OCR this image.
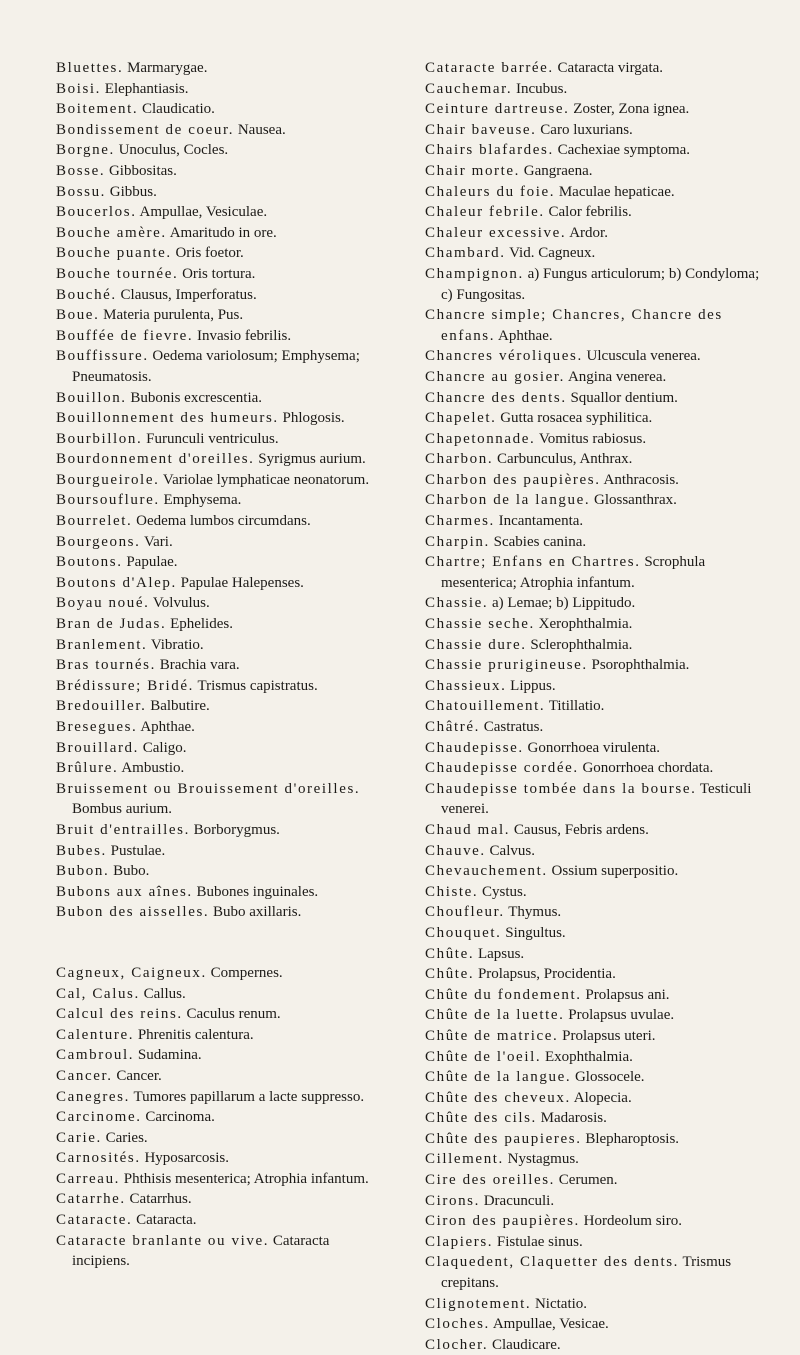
Bluettes. Marmarygae.

Boisi. Elephantiasis.

Boitement. Claudicatio.

Bondissement de coeur. Nausea.

Borgne. Unoculus, Cocles.

Bosse. Gibbositas.

Bossu. Gibbus.

Boucerlos. Ampullae, Vesiculae.

Bouche amère. Amaritudo in ore.

Bouche puante. Oris foetor.

Bouche tournée. Oris tortura.

Bouché. Clausus, Imperforatus.

Boue. Materia purulenta, Pus.

Bouffée de fievre. Invasio febrilis.

Bouffissure. Oedema variolosum; Emphysema; Pneumatosis.

Bouillon. Bubonis excrescentia.

Bouillonnement des humeurs. Phlogosis.

Bourbillon. Furunculi ventriculus.

Bourdonnement d'oreilles. Syrigmus aurium.

Bourgueirole. Variolae lymphaticae neonatorum.

Boursouflure. Emphysema.

Bourrelet. Oedema lumbos circumdans.

Bourgeons. Vari.

Boutons. Papulae.

Boutons d'Alep. Papulae Halepenses.

Boyau noué. Volvulus.

Bran de Judas. Ephelides.

Branlement. Vibratio.

Bras tournés. Brachia vara.

Brédissure; Bridé. Trismus capistratus.

Bredouiller. Balbutire.

Bresegues. Aphthae.

Brouillard. Caligo.

Brûlure. Ambustio.

Bruissement ou Brouissement d'oreilles. Bombus aurium.

Bruit d'entrailles. Borborygmus.

Bubes. Pustulae.

Bubon. Bubo.

Bubons aux aînes. Bubones inguinales.

Bubon des aisselles. Bubo axillaris.

Cagneux, Caigneux. Compernes.

Cal, Calus. Callus.

Calcul des reins. Caculus renum.

Calenture. Phrenitis calentura.

Cambroul. Sudamina.

Cancer. Cancer.

Canegres. Tumores papillarum a lacte suppresso.

Carcinome. Carcinoma.

Carie. Caries.

Carnosités. Hyposarcosis.

Carreau. Phthisis mesenterica; Atrophia infantum.

Catarrhe. Catarrhus.

Cataracte. Cataracta.

Cataracte branlante ou vive. Cataracta incipiens.

Cataracte barrée. Cataracta virgata.

Cauchemar. Incubus.

Ceinture dartreuse. Zoster, Zona ignea.

Chair baveuse. Caro luxurians.

Chairs blafardes. Cachexiae symptoma.

Chair morte. Gangraena.

Chaleurs du foie. Maculae hepaticae.

Chaleur febrile. Calor febrilis.

Chaleur excessive. Ardor.

Chambard. Vid. Cagneux.

Champignon. a) Fungus articulorum; b) Condyloma; c) Fungositas.

Chancre simple; Chancres, Chancre des enfans. Aphthae.

Chancres véroliques. Ulcuscula venerea.

Chancre au gosier. Angina venerea.

Chancre des dents. Squallor dentium.

Chapelet. Gutta rosacea syphilitica.

Chapetonnade. Vomitus rabiosus.

Charbon. Carbunculus, Anthrax.

Charbon des paupières. Anthracosis.

Charbon de la langue. Glossanthrax.

Charmes. Incantamenta.

Charpin. Scabies canina.

Chartre; Enfans en Chartres. Scrophula mesenterica; Atrophia infantum.

Chassie. a) Lemae; b) Lippitudo.

Chassie seche. Xerophthalmia.

Chassie dure. Sclerophthalmia.

Chassie prurigineuse. Psorophthalmia.

Chassieux. Lippus.

Chatouillement. Titillatio.

Châtré. Castratus.

Chaudepisse. Gonorrhoea virulenta.

Chaudepisse cordée. Gonorrhoea chordata.

Chaudepisse tombée dans la bourse. Testiculi venerei.

Chaud mal. Causus, Febris ardens.

Chauve. Calvus.

Chevauchement. Ossium superpositio.

Chiste. Cystus.

Choufleur. Thymus.

Chouquet. Singultus.

Chûte. Lapsus.

Chûte. Prolapsus, Procidentia.

Chûte du fondement. Prolapsus ani.

Chûte de la luette. Prolapsus uvulae.

Chûte de matrice. Prolapsus uteri.

Chûte de l'oeil. Exophthalmia.

Chûte de la langue. Glossocele.

Chûte des cheveux. Alopecia.

Chûte des cils. Madarosis.

Chûte des paupieres. Blepharoptosis.

Cillement. Nystagmus.

Cire des oreilles. Cerumen.

Cirons. Dracunculi.

Ciron des paupières. Hordeolum siro.

Clapiers. Fistulae sinus.

Claquedent, Claquetter des dents. Trismus crepitans.

Clignotement. Nictatio.

Cloches. Ampullae, Vesicae.

Clocher. Claudicare.
